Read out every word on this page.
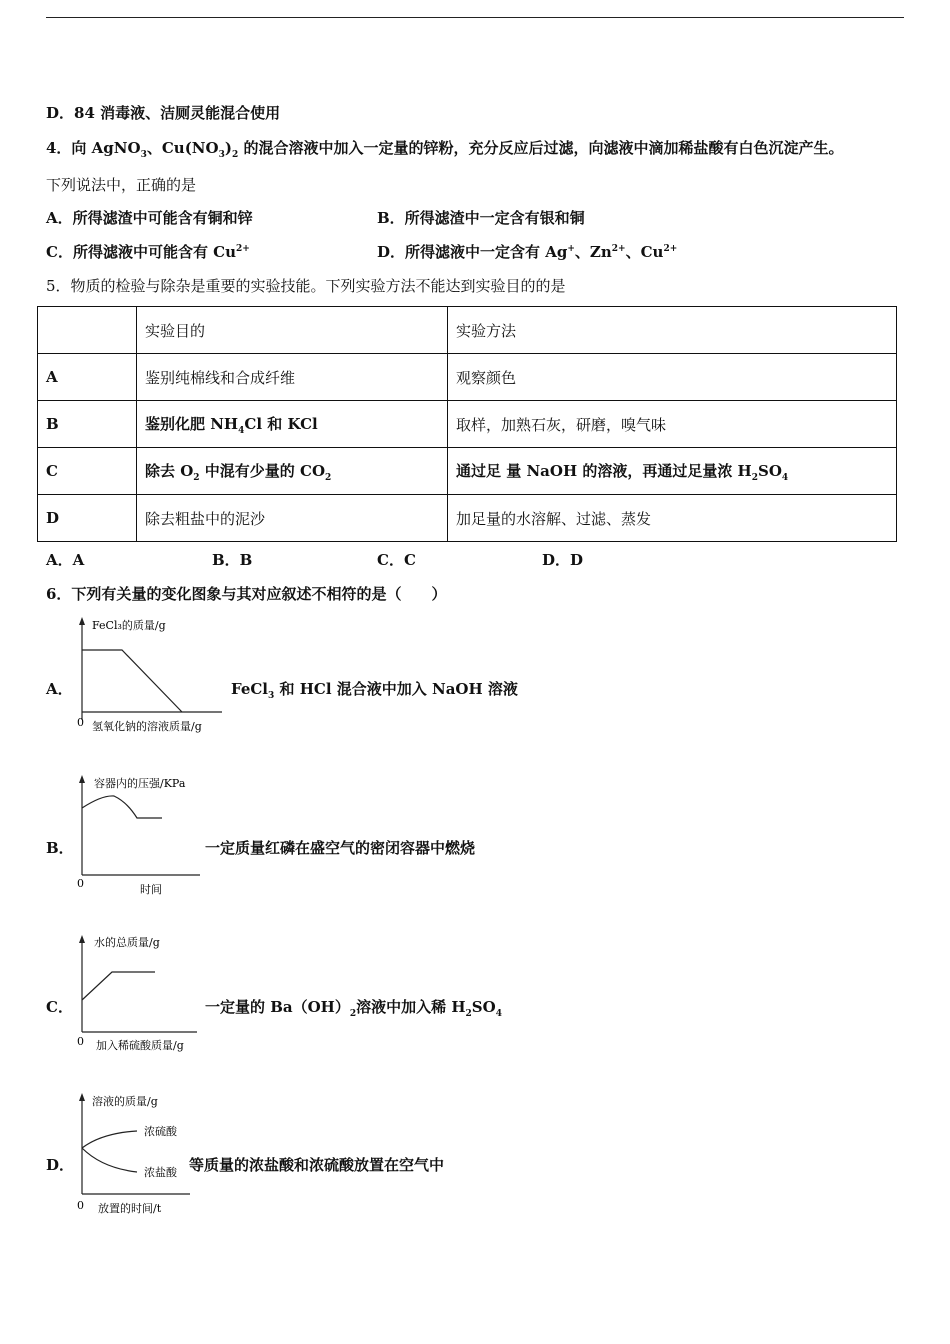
D．84 消毒液、洁厕灵能混合使用
4．向 AgNO$_3$、$Cu(NO_3)_2$ 的混合溶液中加入一定量的锌粉，充分反应后过滤，向滤液中滴加稀盐酸有白色沉淀产生。
下列说法中，正确的是
A．所得滤渣中可能含有铜和锌	B．所得滤渣中一定含有银和铜
C．所得滤液中可能含有 $Cu^{2+}$	D．所得滤液中一定含有 Ag+、$Zn^{2+}$、$Cu^{2+}$
5．物质的检验与除杂是重要的实验技能。下列实验方法不能达到实验目的的是
	实验目的	实验方法
A	鉴别纯棉线和合成纤维	观察颜色
B	鉴别化肥 $NH_4Cl$ 和 KCl	取样，加熟石灰，研磨，嗅气味
C	除去 $O_2$ 中混有少量的 $CO_2$	通过足 量 NaOH 的溶液，再通过足量浓 $H_2SO_4$
D	除去粗盐中的泥沙	加足量的水溶解、过滤、蒸发
A．A	B．B	C．C	D．D
6．下列有关量的变化图象与其对应叙述不相符的是（　　）
A．
FeCl₃的质量/g
0 氢氧化钠的溶液质量/g
FeCl$_3$ 和 HCl 混合液中加入 NaOH 溶液
B．
容器内的压强/KPa
0	时间
一定质量红磷在盛空气的密闭容器中燃烧
C．
水的总质量/g
0 加入稀硫酸质量/g
一定量的 $Ba(OH)_2$溶液中加入稀 $H_2SO_4$
D．
溶液的质量/g
浓硫酸
浓盐酸
0 放置的时间/t
等质量的浓盐酸和浓硫酸放置在空气中
